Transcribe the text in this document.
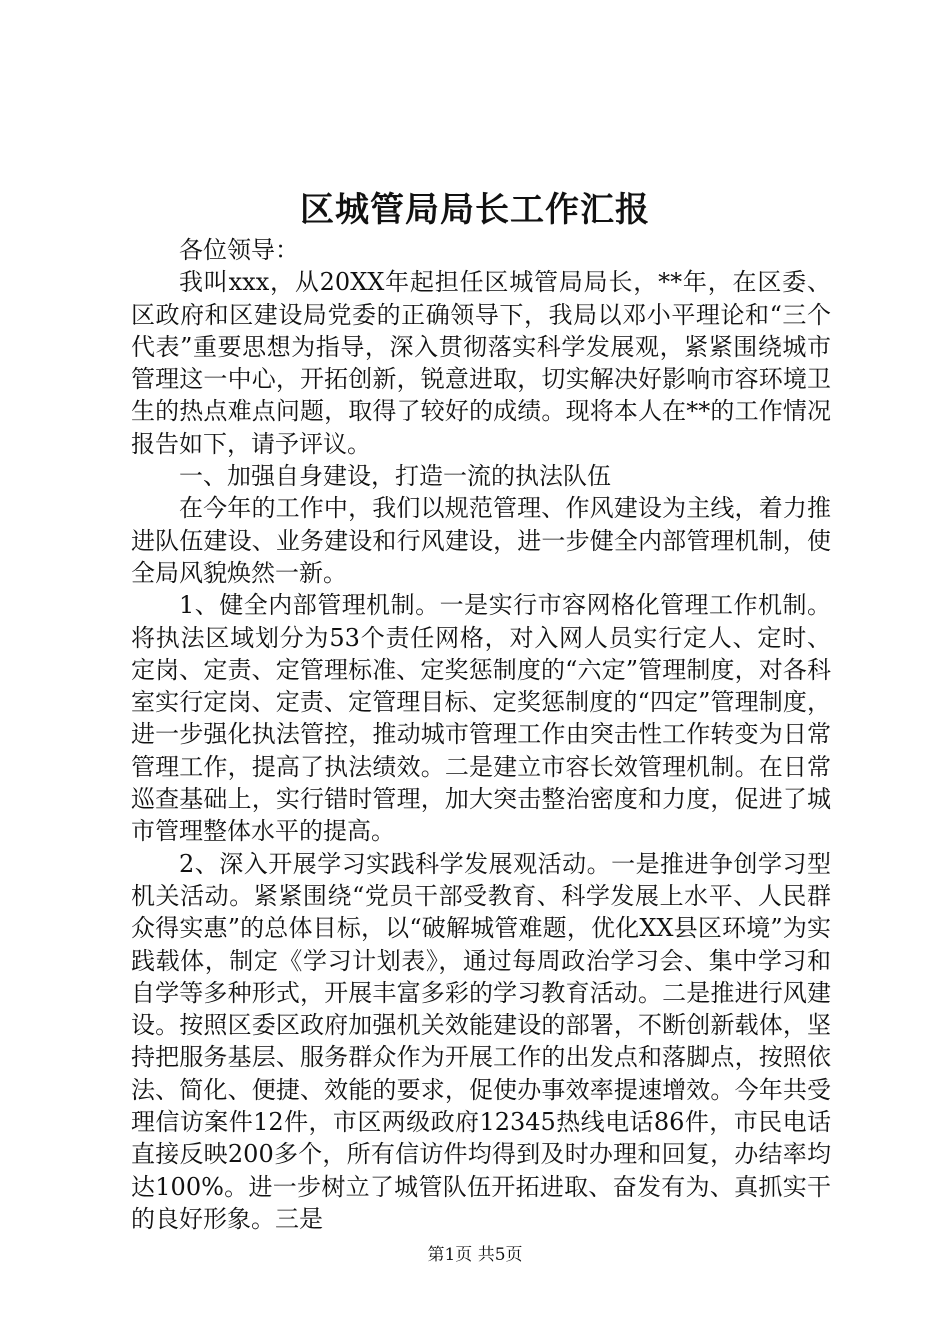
区城管局局长工作汇报

各位领导：

我叫xxx，从20XX年起担任区城管局局长，**年，在区委、区政府和区建设局党委的正确领导下，我局以邓小平理论和“三个代表”重要思想为指导，深入贯彻落实科学发展观，紧紧围绕城市管理这一中心，开拓创新，锐意进取，切实解决好影响市容环境卫生的热点难点问题，取得了较好的成绩。现将本人在**的工作情况报告如下，请予评议。

一、加强自身建设，打造一流的执法队伍

在今年的工作中，我们以规范管理、作风建设为主线，着力推进队伍建设、业务建设和行风建设，进一步健全内部管理机制，使全局风貌焕然一新。

1、健全内部管理机制。一是实行市容网格化管理工作机制。将执法区域划分为53个责任网格，对入网人员实行定人、定时、定岗、定责、定管理标准、定奖惩制度的“六定”管理制度，对各科室实行定岗、定责、定管理目标、定奖惩制度的“四定”管理制度，进一步强化执法管控，推动城市管理工作由突击性工作转变为日常管理工作，提高了执法绩效。二是建立市容长效管理机制。在日常巡查基础上，实行错时管理，加大突击整治密度和力度，促进了城市管理整体水平的提高。

2、深入开展学习实践科学发展观活动。一是推进争创学习型机关活动。紧紧围绕“党员干部受教育、科学发展上水平、人民群众得实惠”的总体目标，以“破解城管难题，优化XX县区环境”为实践载体，制定《学习计划表》，通过每周政治学习会、集中学习和自学等多种形式，开展丰富多彩的学习教育活动。二是推进行风建设。按照区委区政府加强机关效能建设的部署，不断创新载体，坚持把服务基层、服务群众作为开展工作的出发点和落脚点，按照依法、简化、便捷、效能的要求，促使办事效率提速增效。今年共受理信访案件12件，市区两级政府12345热线电话86件，市民电话直接反映200多个，所有信访件均得到及时办理和回复，办结率均达100%。进一步树立了城管队伍开拓进取、奋发有为、真抓实干的良好形象。三是

第1页 共5页
